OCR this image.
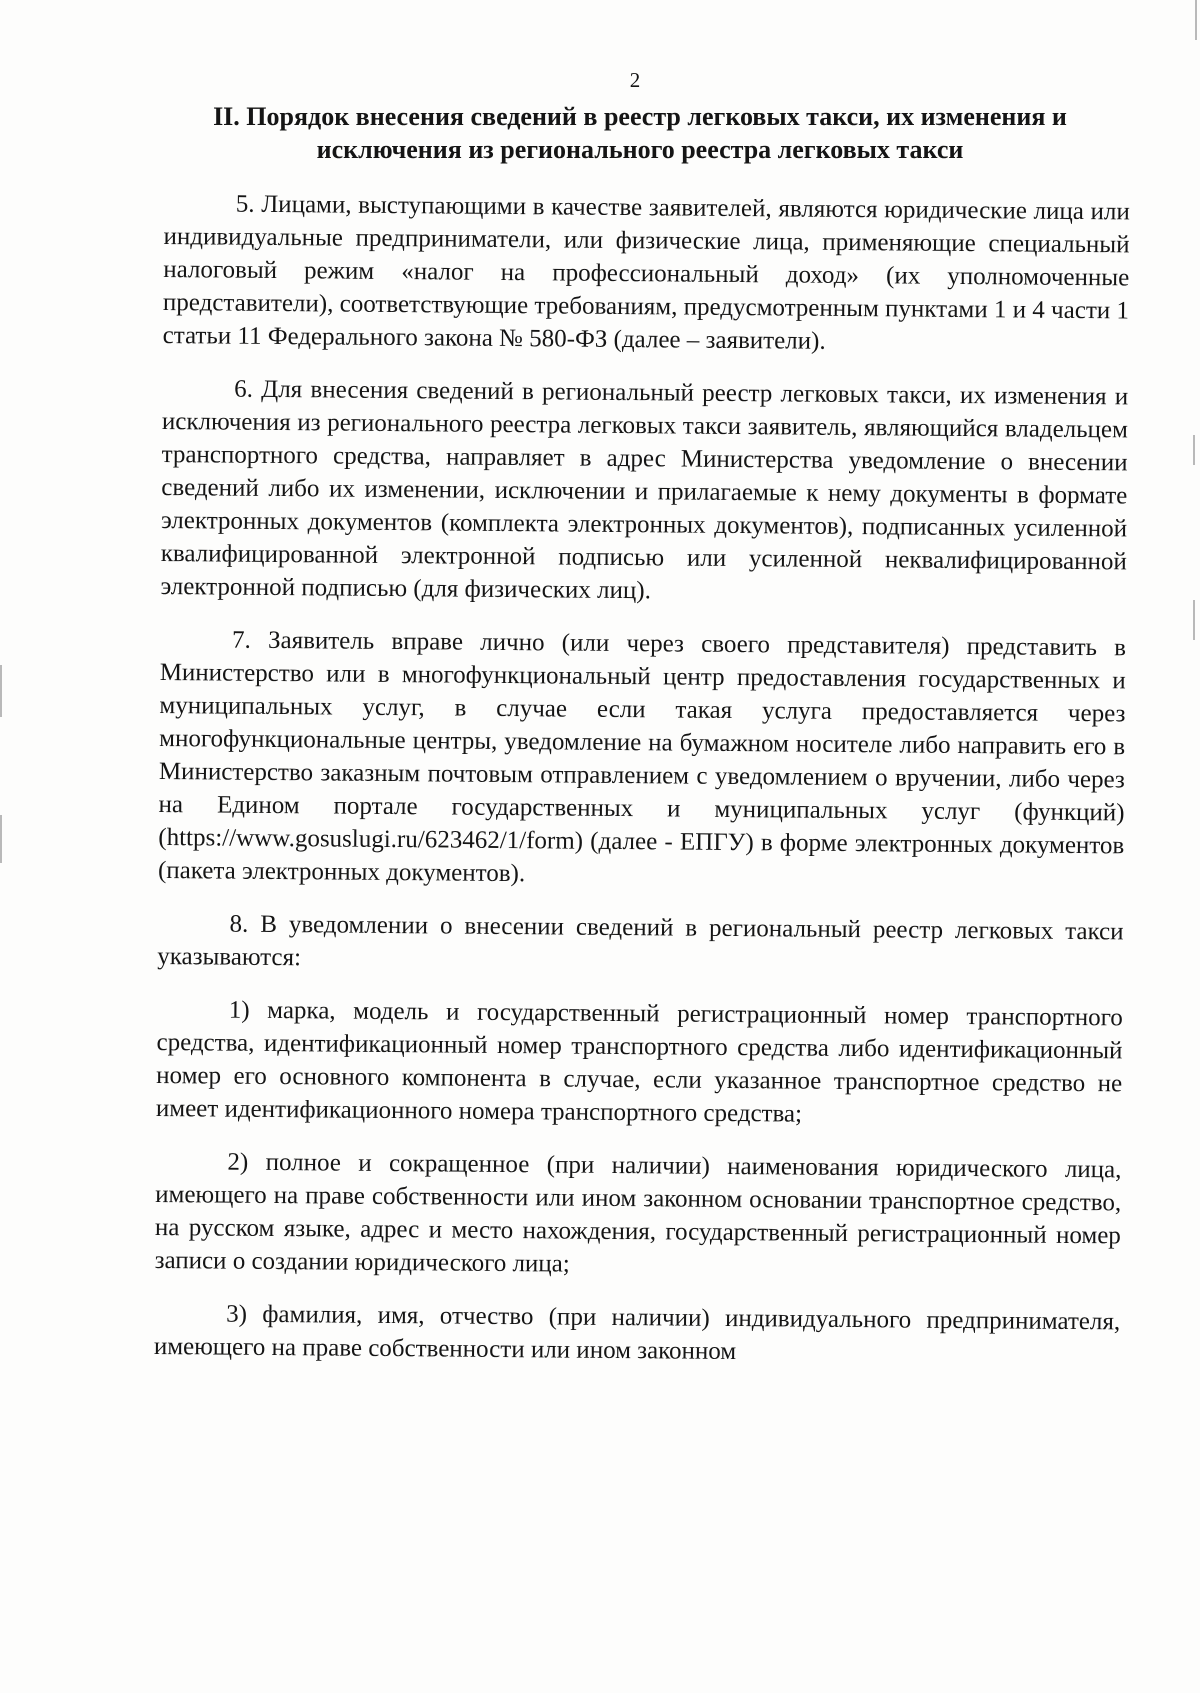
2
II. Порядок внесения сведений в реестр легковых такси, их изменения и исключения из регионального реестра легковых такси

5. Лицами, выступающими в качестве заявителей, являются юридические лица или индивидуальные предприниматели, или физические лица, применяющие специальный налоговый режим «налог на профессиональный доход» (их уполномоченные представители), соответствующие требованиям, предусмотренным пунктами 1 и 4 части 1 статьи 11 Федерального закона № 580-ФЗ (далее – заявители).

6. Для внесения сведений в региональный реестр легковых такси, их изменения и исключения из регионального реестра легковых такси заявитель, являющийся владельцем транспортного средства, направляет в адрес Министерства уведомление о внесении сведений либо их изменении, исключении и прилагаемые к нему документы в формате электронных документов (комплекта электронных документов), подписанных усиленной квалифицированной электронной подписью или усиленной неквалифицированной электронной подписью (для физических лиц).

7. Заявитель вправе лично (или через своего представителя) представить в Министерство или в многофункциональный центр предоставления государственных и муниципальных услуг, в случае если такая услуга предоставляется через многофункциональные центры, уведомление на бумажном носителе либо направить его в Министерство заказным почтовым отправлением с уведомлением о вручении, либо через на Едином портале государственных и муниципальных услуг (функций) (https://www.gosuslugi.ru/623462/1/form) (далее - ЕПГУ) в форме электронных документов (пакета электронных документов).

8. В уведомлении о внесении сведений в региональный реестр легковых такси указываются:

1) марка, модель и государственный регистрационный номер транспортного средства, идентификационный номер транспортного средства либо идентификационный номер его основного компонента в случае, если указанное транспортное средство не имеет идентификационного номера транспортного средства;

2) полное и сокращенное (при наличии) наименования юридического лица, имеющего на праве собственности или ином законном основании транспортное средство, на русском языке, адрес и место нахождения, государственный регистрационный номер записи о создании юридического лица;

3) фамилия, имя, отчество (при наличии) индивидуального предпринимателя, имеющего на праве собственности или ином законном
